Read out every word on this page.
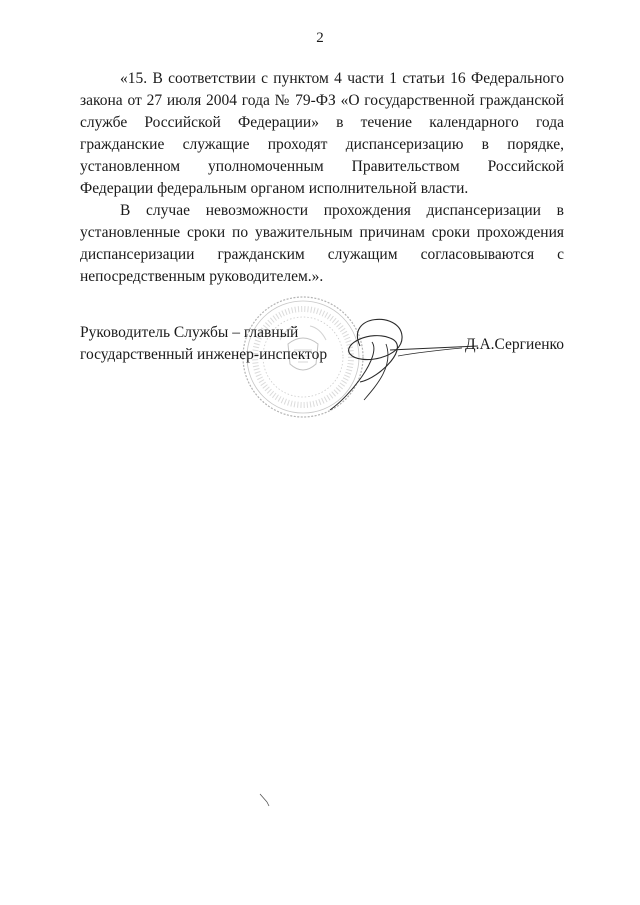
2

«15. В соответствии с пунктом 4 части 1 статьи 16 Федерального закона от 27 июля 2004 года № 79-ФЗ «О государственной гражданской службе Российской Федерации» в течение календарного года гражданские служащие проходят диспансеризацию в порядке, установленном уполномоченным Правительством Российской Федерации федеральным органом исполнительной власти.

В случае невозможности прохождения диспансеризации в установленные сроки по уважительным причинам сроки прохождения диспансеризации гражданским служащим согласовываются с непосредственным руководителем.».

Руководитель Службы – главный
государственный инженер-инспектор
Д.А.Сергиенко
